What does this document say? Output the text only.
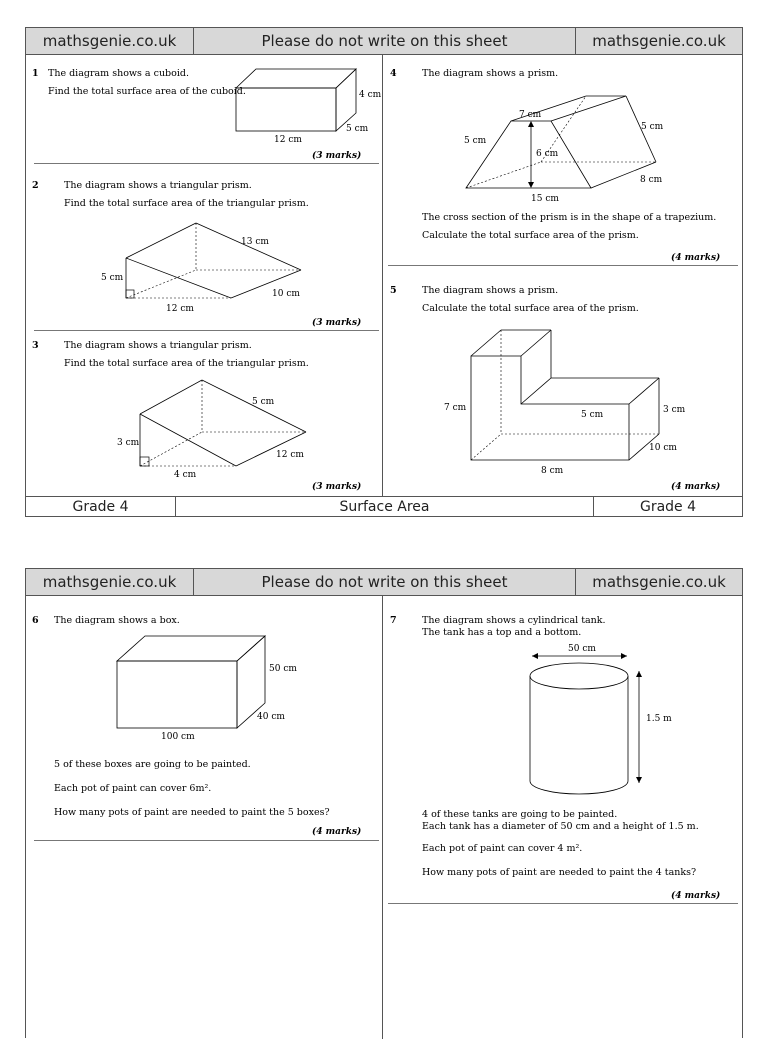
mathsgenie.co.uk	Please do not write on this sheet	mathsgenie.co.uk
1 The diagram shows a cuboid.
Find the total surface area of the cuboid.	4 cm
5 cm
12 cm
(3 marks)
2	The diagram shows a triangular prism.
Find the total surface area of the triangular prism.
13 cm
5 cm
10 cm
12 cm
(3 marks)
3	The diagram shows a triangular prism.
Find the total surface area of the triangular prism.
5 cm
3 cm
12 cm
4 cm
(3 marks)
4	The diagram shows a prism.
7 cm
5 cm
5 cm
6 cm
8 cm
15 cm
The cross section of the prism is in the shape of a trapezium.
Calculate the total surface area of the prism.
(4 marks)
5	The diagram shows a prism.
Calculate the total surface area of the prism.
7 cm
5 cm	3 cm
10 cm
8 cm
(4 marks)
Grade 4	Surface Area	Grade 4
mathsgenie.co.uk	Please do not write on this sheet	mathsgenie.co.uk
6 The diagram shows a box.
50 cm
40 cm
100 cm
5 of these boxes are going to be painted.
Each pot of paint can cover 6m².
How many pots of paint are needed to paint the 5 boxes?
(4 marks)
7	The diagram shows a cylindrical tank.
The tank has a top and a bottom.
50 cm
1.5 m
4 of these tanks are going to be painted.
Each tank has a diameter of 50 cm and a height of 1.5 m.
Each pot of paint can cover 4 m².
How many pots of paint are needed to paint the 4 tanks?
(4 marks)
